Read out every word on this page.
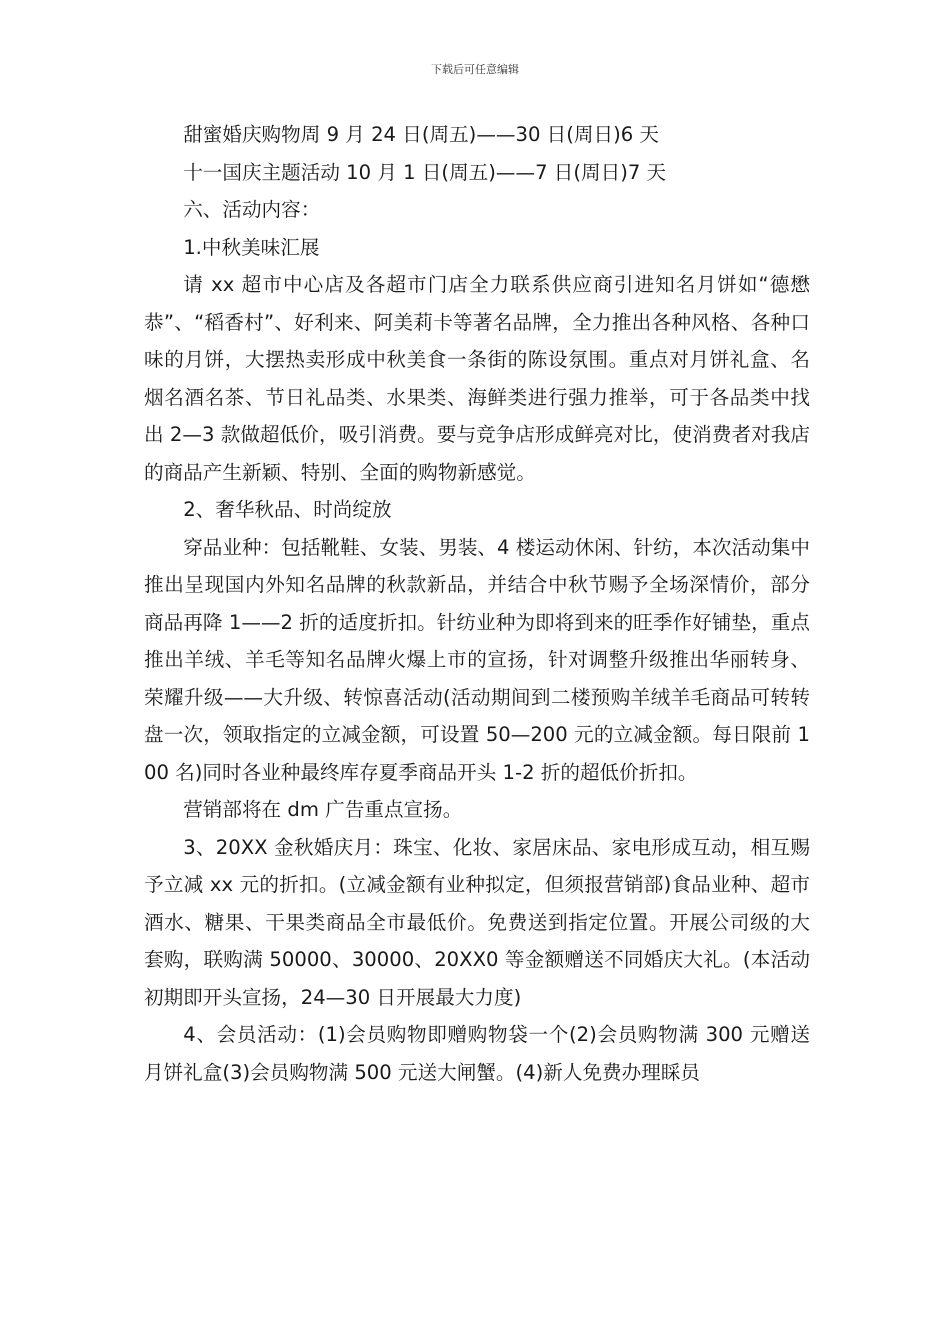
下载后可任意编辑

甜蜜婚庆购物周 9 月 24 日(周五)——30 日(周日)6 天

十一国庆主题活动 10 月 1 日(周五)——7 日(周日)7 天

六、活动内容：

1.中秋美味汇展

请 xx 超市中心店及各超市门店全力联系供应商引进知名月饼如“德懋恭”、“稻香村”、好利来、阿美莉卡等著名品牌，全力推出各种风格、各种口味的月饼，大摆热卖形成中秋美食一条街的陈设氛围。重点对月饼礼盒、名烟名酒名茶、节日礼品类、水果类、海鲜类进行强力推举，可于各品类中找出 2—3 款做超低价，吸引消费。要与竞争店形成鲜亮对比，使消费者对我店的商品产生新颖、特别、全面的购物新感觉。

2、奢华秋品、时尚绽放

穿品业种：包括靴鞋、女装、男装、4 楼运动休闲、针纺，本次活动集中推出呈现国内外知名品牌的秋款新品，并结合中秋节赐予全场深情价，部分商品再降 1——2 折的适度折扣。针纺业种为即将到来的旺季作好铺垫，重点推出羊绒、羊毛等知名品牌火爆上市的宣扬，针对调整升级推出华丽转身、荣耀升级——大升级、转惊喜活动(活动期间到二楼预购羊绒羊毛商品可转转盘一次，领取指定的立减金额，可设置 50—200 元的立减金额。每日限前 100 名)同时各业种最终库存夏季商品开头 1-2 折的超低价折扣。

营销部将在 dm 广告重点宣扬。

3、20XX 金秋婚庆月：珠宝、化妆、家居床品、家电形成互动，相互赐予立减 xx 元的折扣。(立减金额有业种拟定，但须报营销部)食品业种、超市酒水、糖果、干果类商品全市最低价。免费送到指定位置。开展公司级的大套购，联购满 50000、30000、20XX0 等金额赠送不同婚庆大礼。(本活动初期即开头宣扬，24—30 日开展最大力度)

4、会员活动：(1)会员购物即赠购物袋一个(2)会员购物满 300 元赠送月饼礼盒(3)会员购物满 500 元送大闸蟹。(4)新人免费办理睬员
